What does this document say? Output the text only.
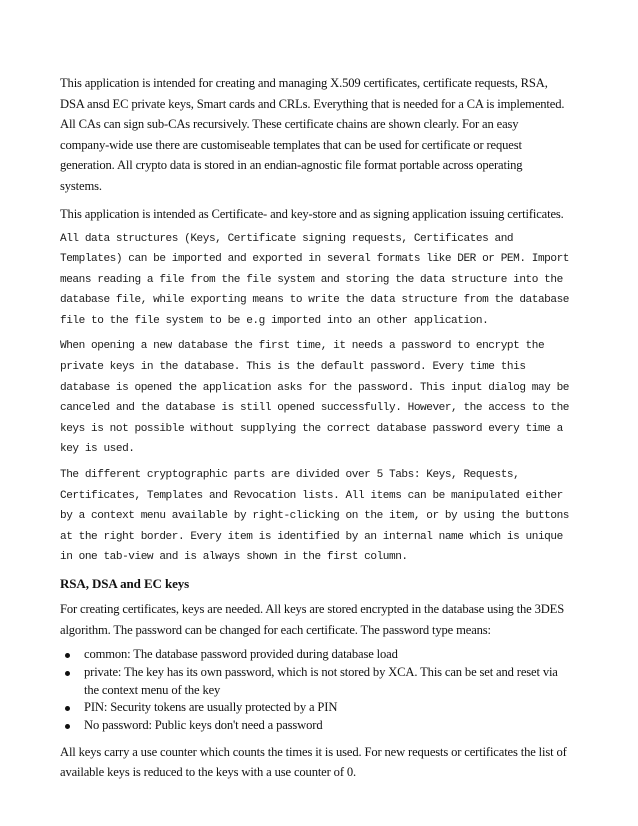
This application is intended for creating and managing X.509 certificates, certificate requests, RSA,
DSA ansd EC private keys, Smart cards and CRLs. Everything that is needed for a CA is implemented.
All CAs can sign sub-CAs recursively. These certificate chains are shown clearly. For an easy
company-wide use there are customiseable templates that can be used for certificate or request
generation. All crypto data is stored in an endian-agnostic file format portable across operating
systems.
This application is intended as Certificate- and key-store and as signing application issuing certificates.
All data structures (Keys, Certificate signing requests, Certificates and
Templates) can be imported and exported in several formats like DER or PEM. Import
means reading a file from the file system and storing the data structure into the
database file, while exporting means to write the data structure from the database
file to the file system to be e.g imported into an other application.
When opening a new database the first time, it needs a password to encrypt the
private keys in the database. This is the default password. Every time this
database is opened the application asks for the password. This input dialog may be
canceled and the database is still opened successfully. However, the access to the
keys is not possible without supplying the correct database password every time a
key is used.
The different cryptographic parts are divided over 5 Tabs: Keys, Requests,
Certificates, Templates and Revocation lists. All items can be manipulated either
by a context menu available by right-clicking on the item, or by using the buttons
at the right border. Every item is identified by an internal name which is unique
in one tab-view and is always shown in the first column.
RSA, DSA and EC keys
For creating certificates, keys are needed. All keys are stored encrypted in the database using the 3DES
algorithm. The password can be changed for each certificate. The password type means:
common: The database password provided during database load
private: The key has its own password, which is not stored by XCA. This can be set and reset via
the context menu of the key
PIN: Security tokens are usually protected by a PIN
No password: Public keys don't need a password
All keys carry a use counter which counts the times it is used. For new requests or certificates the list of
available keys is reduced to the keys with a use counter of 0.
